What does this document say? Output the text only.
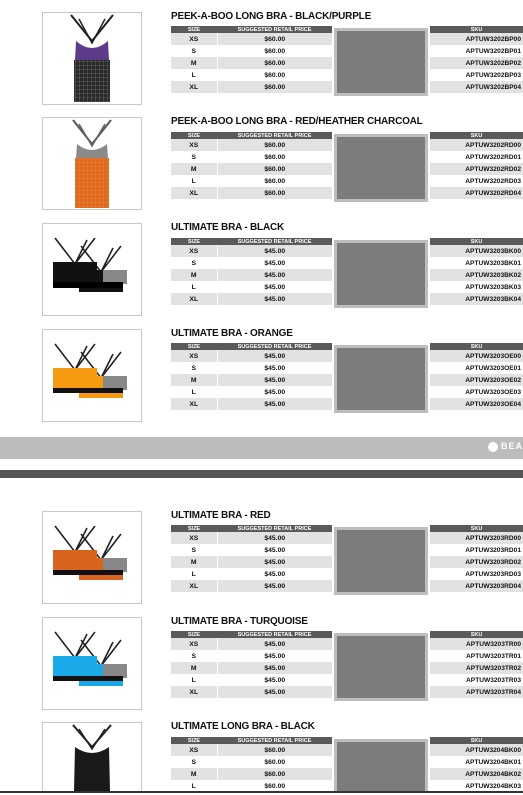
PEEK-A-BOO LONG BRA - BLACK/PURPLE
SIZE	SUGGESTED RETAIL PRICE
XS	$60.00
S	$60.00
M	$60.00
L	$60.00
XL	$60.00
SKU
APTUW3202BP00
APTUW3202BP01
APTUW3202BP02
APTUW3202BP03
APTUW3202BP04
PEEK-A-BOO LONG BRA - RED/HEATHER CHARCOAL
SIZE	SUGGESTED RETAIL PRICE
XS	$60.00
S	$60.00
M	$60.00
L	$60.00
XL	$60.00
SKU
APTUW3202RD00
APTUW3202RD01
APTUW3202RD02
APTUW3202RD03
APTUW3202RD04
ULTIMATE BRA - BLACK
SIZE	SUGGESTED RETAIL PRICE
XS	$45.00
S	$45.00
M	$45.00
L	$45.00
XL	$45.00
SKU
APTUW3203BK00
APTUW3203BK01
APTUW3203BK02
APTUW3203BK03
APTUW3203BK04
ULTIMATE BRA - ORANGE
SIZE	SUGGESTED RETAIL PRICE
XS	$45.00
S	$45.00
M	$45.00
L	$45.00
XL	$45.00
SKU
APTUW3203OE00
APTUW3203OE01
APTUW3203OE02
APTUW3203OE03
APTUW3203OE04
BEA
ULTIMATE BRA - RED
SIZE	SUGGESTED RETAIL PRICE
XS	$45.00
S	$45.00
M	$45.00
L	$45.00
XL	$45.00
SKU
APTUW3203RD00
APTUW3203RD01
APTUW3203RD02
APTUW3203RD03
APTUW3203RD04
ULTIMATE BRA - TURQUOISE
SIZE	SUGGESTED RETAIL PRICE
XS	$45.00
S	$45.00
M	$45.00
L	$45.00
XL	$45.00
SKU
APTUW3203TR00
APTUW3203TR01
APTUW3203TR02
APTUW3203TR03
APTUW3203TR04
ULTIMATE LONG BRA - BLACK
SIZE	SUGGESTED RETAIL PRICE
XS	$60.00
S	$60.00
M	$60.00
L	$60.00
SKU
APTUW3204BK00
APTUW3204BK01
APTUW3204BK02
APTUW3204BK03
